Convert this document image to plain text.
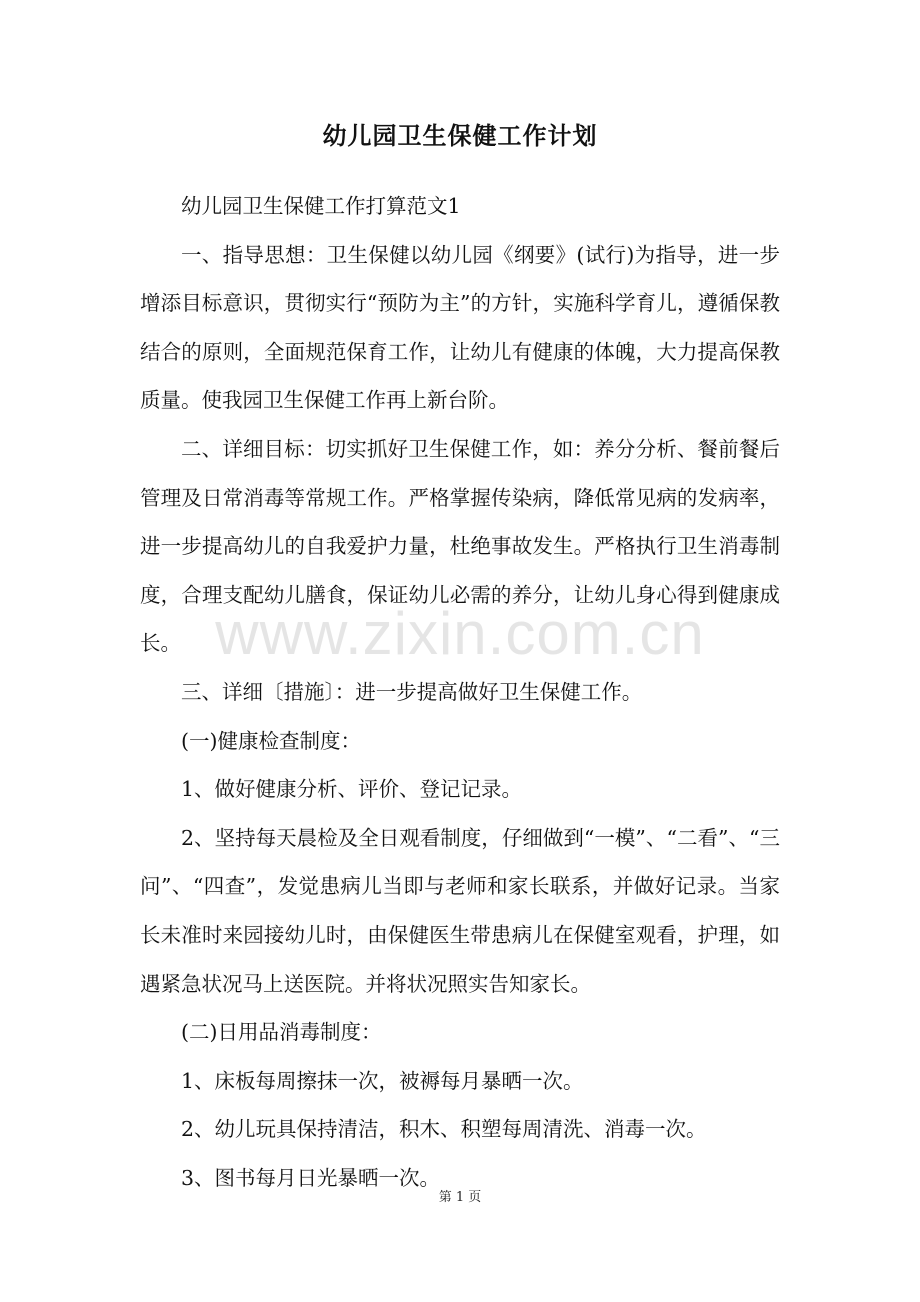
幼儿园卫生保健工作计划

幼儿园卫生保健工作打算范文1

一、指导思想：卫生保健以幼儿园《纲要》(试行)为指导，进一步增添目标意识，贯彻实行“预防为主”的方针，实施科学育儿，遵循保教结合的原则，全面规范保育工作，让幼儿有健康的体魄，大力提高保教质量。使我园卫生保健工作再上新台阶。

二、详细目标：切实抓好卫生保健工作，如：养分分析、餐前餐后管理及日常消毒等常规工作。严格掌握传染病，降低常见病的发病率，进一步提高幼儿的自我爱护力量，杜绝事故发生。严格执行卫生消毒制度，合理支配幼儿膳食，保证幼儿必需的养分，让幼儿身心得到健康成长。

三、详细〔措施〕：进一步提高做好卫生保健工作。

(一)健康检查制度：

1、做好健康分析、评价、登记记录。

2、坚持每天晨检及全日观看制度，仔细做到“一模”、“二看”、“三问”、“四查”，发觉患病儿当即与老师和家长联系，并做好记录。当家长未准时来园接幼儿时，由保健医生带患病儿在保健室观看，护理，如遇紧急状况马上送医院。并将状况照实告知家长。

(二)日用品消毒制度：

1、床板每周擦抹一次，被褥每月暴晒一次。

2、幼儿玩具保持清洁，积木、积塑每周清洗、消毒一次。

3、图书每月日光暴晒一次。

www.zixin.com.cn
第 1 页
